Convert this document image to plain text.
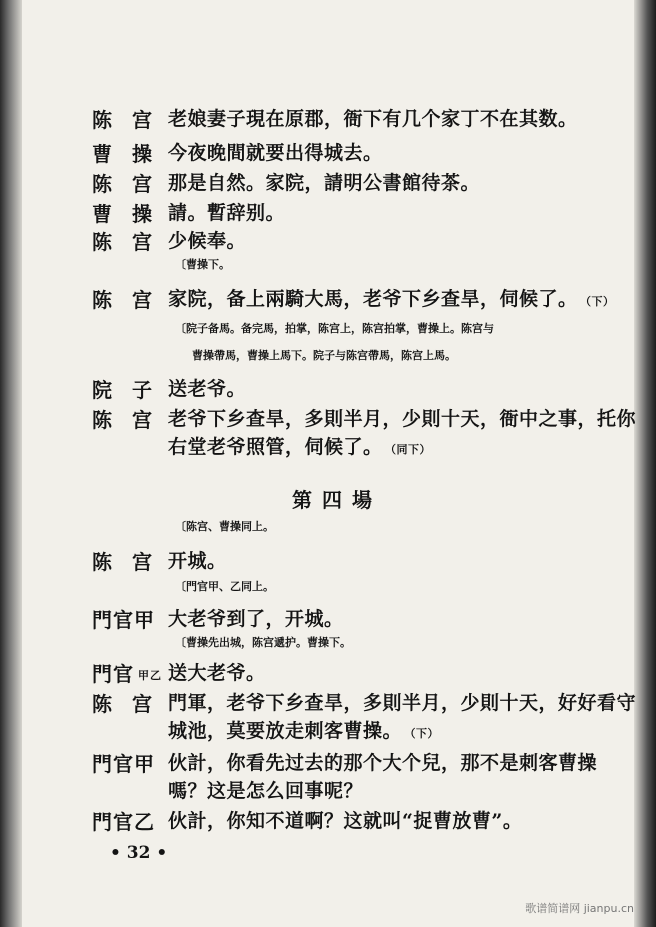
陈宫
老娘妻子現在原郡，衙下有几个家丁不在其数。
曹操
今夜晚間就要出得城去。
陈宫
那是自然。家院，請明公書館待茶。
曹操
請。暫辞别。
陈宫
少候奉。
〔曹操下。
陈宫
家院，备上兩騎大馬，老爷下乡查旱，伺候了。 （下）
〔院子备馬。备完馬，拍掌，陈宫上，陈宫拍掌，曹操上。陈宫与
曹操帶馬，曹操上馬下。院子与陈宫帶馬，陈宫上馬。
院子
送老爷。
陈宫
老爷下乡查旱，多則半月，少則十天，衙中之事，托你
右堂老爷照管，伺候了。 （同下）
第四場
〔陈宫、曹操同上。
陈宫
开城。
〔門官甲、乙同上。
門官甲 大老爷到了，开城。
〔曹操先出城，陈宫遞护。曹操下。
門官 甲乙 送大老爷。
陈宫
門軍，老爷下乡查旱，多則半月，少則十天，好好看守
城池，莫要放走刺客曹操。 （下）
門官甲 伙計，你看先过去的那个大个兒，那不是刺客曹操
嗎？这是怎么回事呢？
門官乙 伙計，你知不道啊？这就叫“捉曹放曹”。
• 32 •
歌谱简谱网 jianpu.cn
